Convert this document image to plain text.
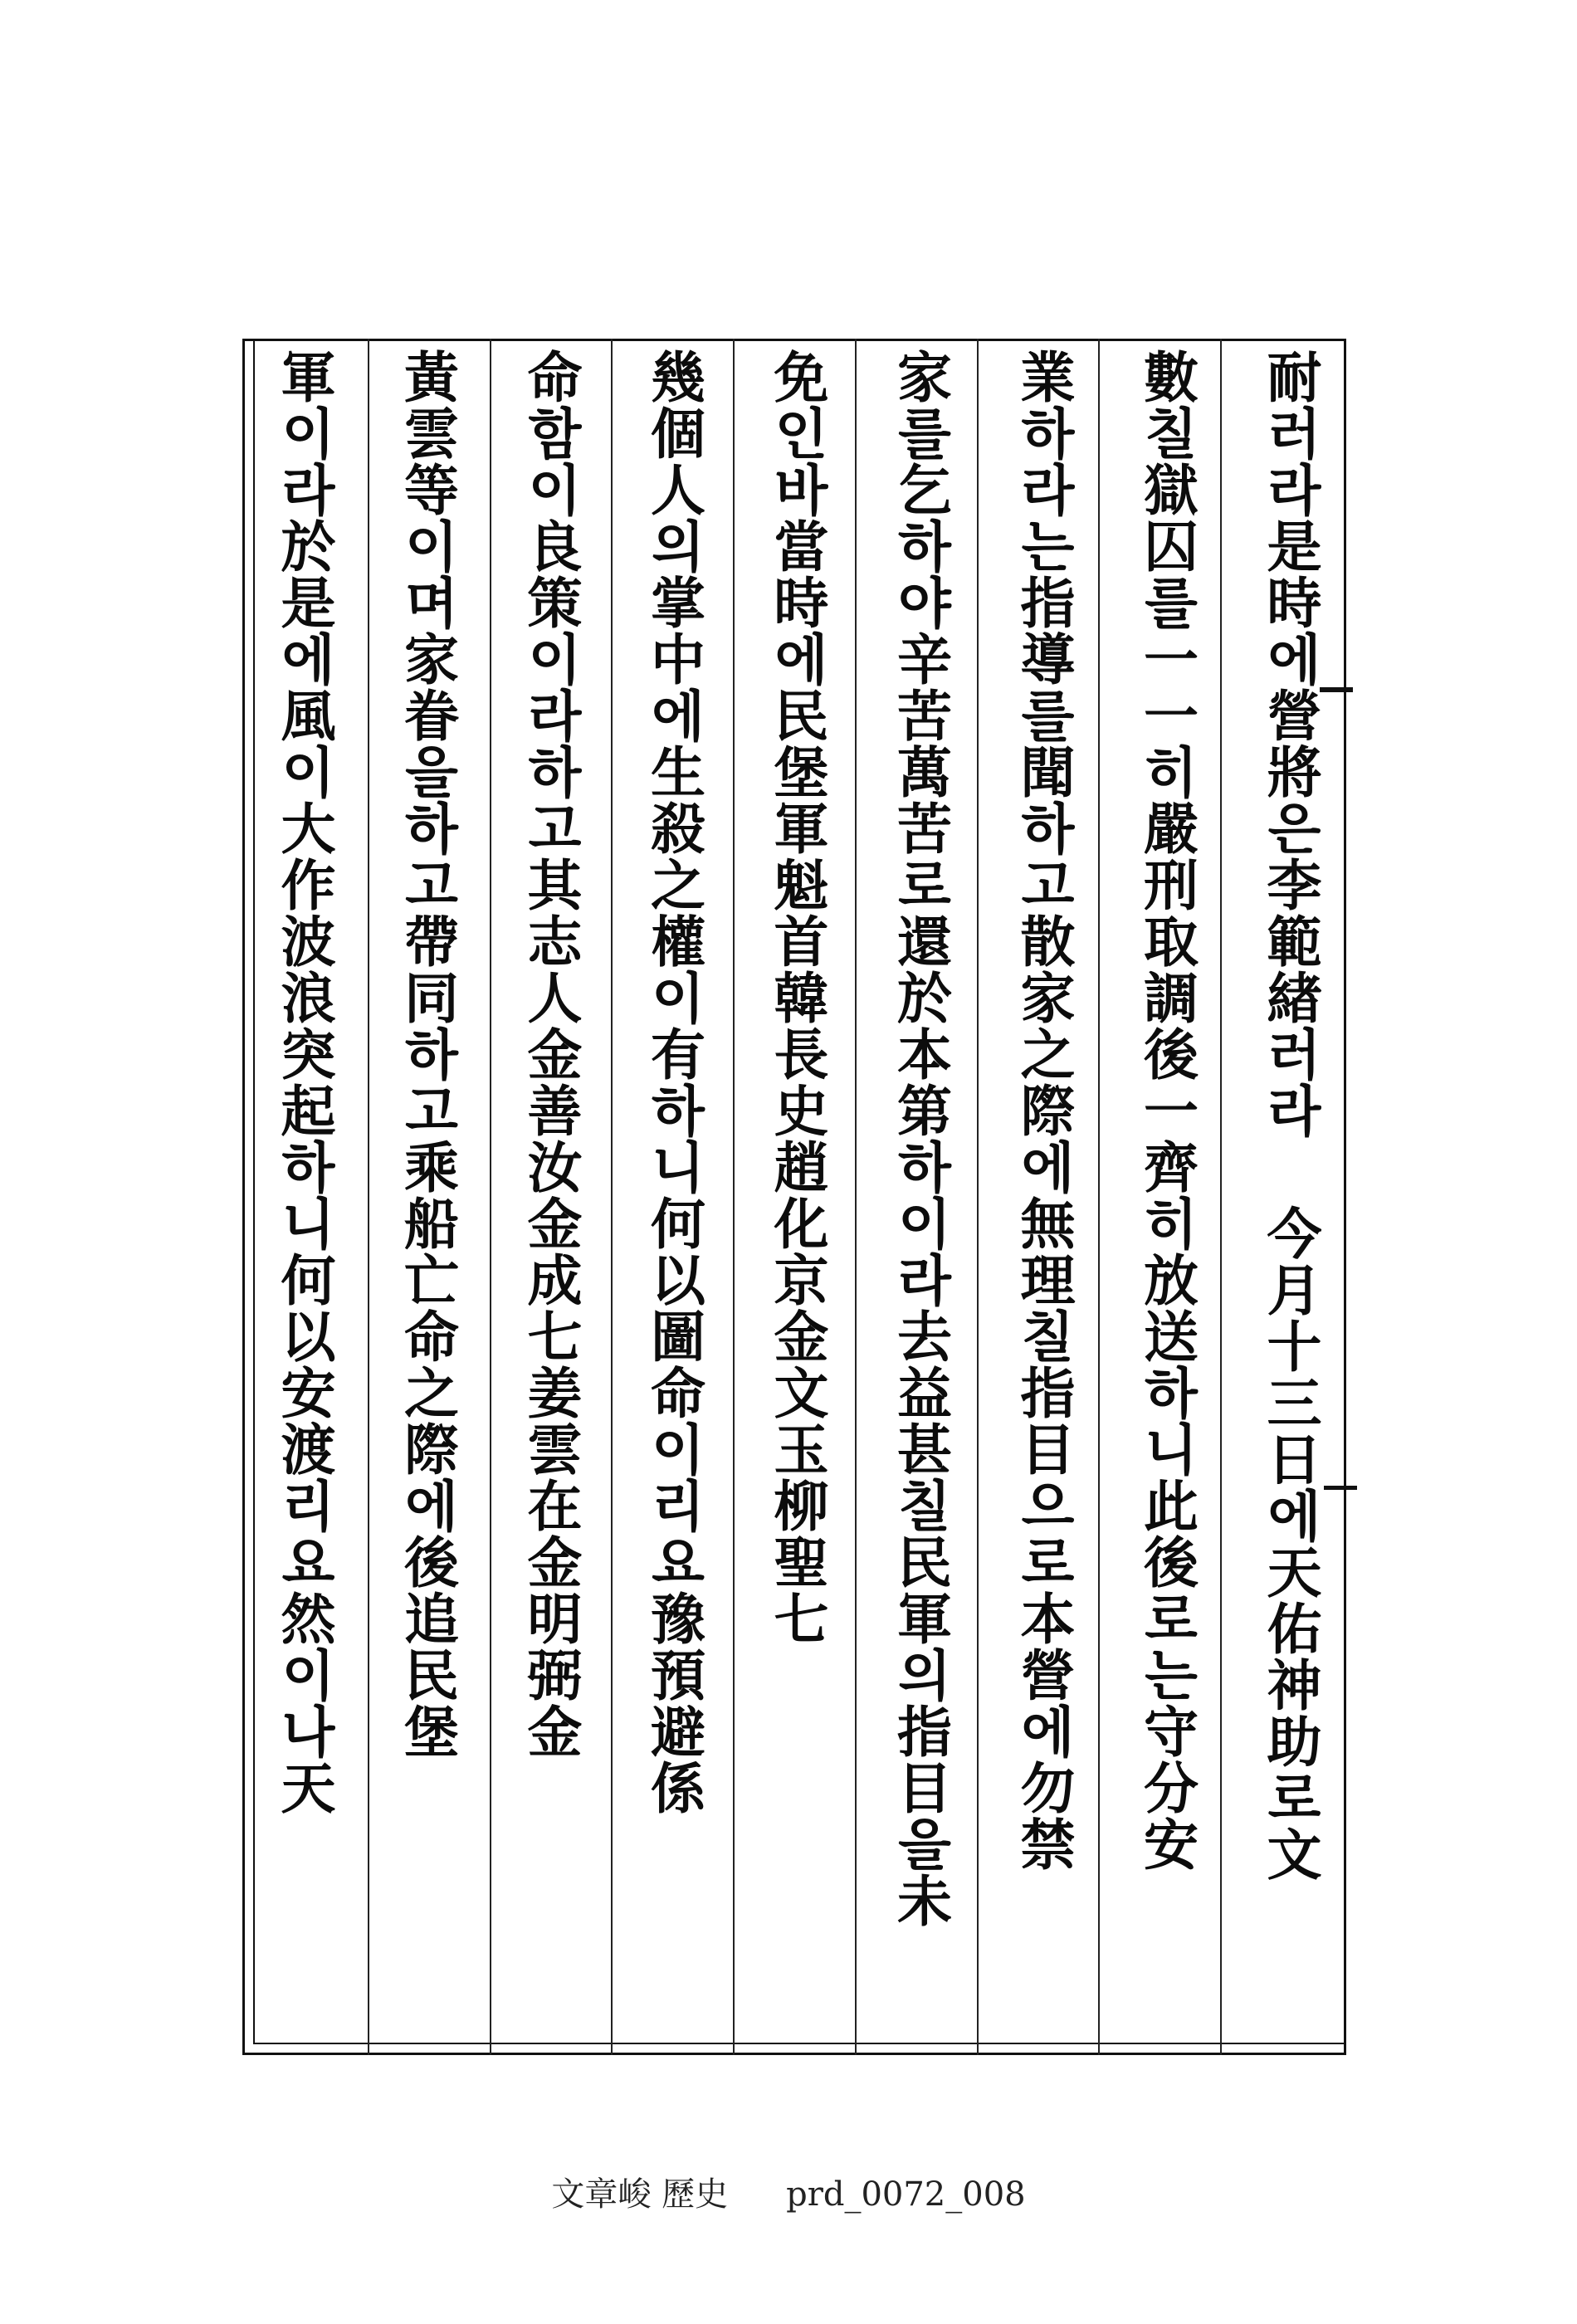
耐러라是時에營將은李範緖러라 今月十三日에天佑神助로文
數칠獄囚를一一히嚴刑取調後一齊히放送하니此後로는守分安
業하라는指導를聞하고散家之際에無理칠指目으로本營에勿禁
家를乞하야辛苦萬苦로還於本第하이라去益甚칠民軍의指目을未
免인바當時에民堡軍魁首韓長史趙化京金文玉柳聖七
幾個人의掌中에生殺之權이有하니何以圖命이리요豫預避係
命함이良策이라하고其志人金善汝金成七姜雲在金明弼金
黃雲等이며家眷을하고帶同하고乘船亡命之際에後追民堡
軍이라於是에風이大作波浪突起하니何以安渡리요然이나天
文章峻 歷史 prd_0072_008
